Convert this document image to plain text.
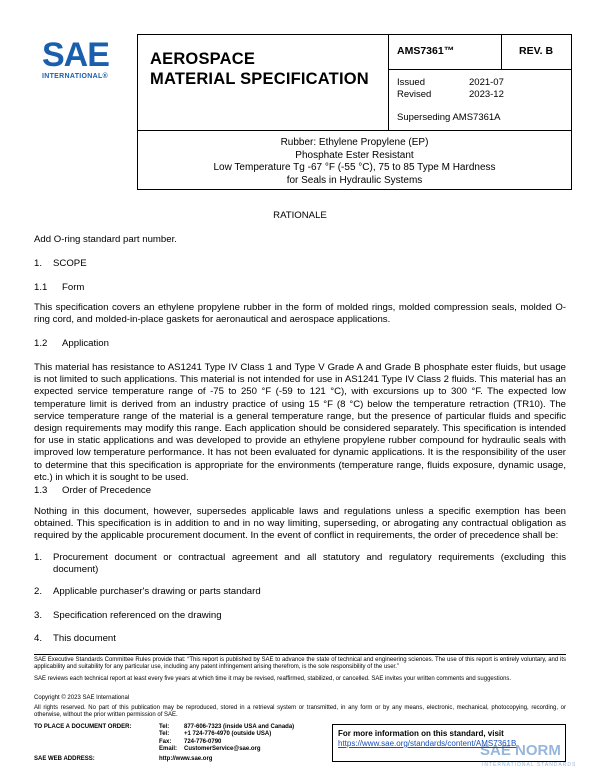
SAE
INTERNATIONAL®
AEROSPACE
MATERIAL SPECIFICATION
AMS7361™	REV. B
Issued	2021-07
Revised	2023-12
Superseding AMS7361A
Rubber: Ethylene Propylene (EP)
Phosphate Ester Resistant
Low Temperature Tg -67 °F (-55 °C), 75 to 85 Type M Hardness
for Seals in Hydraulic Systems
RATIONALE
Add O-ring standard part number.
1. SCOPE
1.1 Form
This specification covers an ethylene propylene rubber in the form of molded rings, molded compression seals, molded O-ring cord, and molded-in-place gaskets for aeronautical and aerospace applications.
1.2 Application
This material has resistance to AS1241 Type IV Class 1 and Type V Grade A and Grade B phosphate ester fluids, but usage is not limited to such applications. This material is not intended for use in AS1241 Type IV Class 2 fluids. This material has an expected service temperature range of -75 to 250 °F (-59 to 121 °C), with excursions up to 300 °F. The expected low temperature limit is derived from an industry practice of using 15 °F (8 °C) below the temperature retraction (TR10). The service temperature range of the material is a general temperature range, but the presence of particular fluids and specific design requirements may modify this range. Each application should be considered separately. This specification is intended for use in static applications and was developed to provide an ethylene propylene rubber compound for hydraulic seals with improved low temperature performance. It has not been evaluated for dynamic applications. It is the responsibility of the user to determine that this specification is appropriate for the environments (temperature range, fluids exposure, dynamic usage, etc.) in which it is sought to be used.
1.3 Order of Precedence
Nothing in this document, however, supersedes applicable laws and regulations unless a specific exemption has been obtained. This specification is in addition to and in no way limiting, superseding, or abrogating any contractual obligation as required by the applicable procurement document. In the event of conflict in requirements, the order of precedence shall be:
1.	Procurement document or contractual agreement and all statutory and regulatory requirements (excluding this document)
2.	Applicable purchaser's drawing or parts standard
3.	Specification referenced on the drawing
4.	This document
SAE Executive Standards Committee Rules provide that: “This report is published by SAE to advance the state of technical and engineering sciences. The use of this report is entirely voluntary, and its applicability and suitability for any particular use, including any patent infringement arising therefrom, is the sole responsibility of the user.”
SAE reviews each technical report at least every five years at which time it may be revised, reaffirmed, stabilized, or cancelled. SAE invites your written comments and suggestions.
Copyright © 2023 SAE International
All rights reserved. No part of this publication may be reproduced, stored in a retrieval system or transmitted, in any form or by any means, electronic, mechanical, photocopying, recording, or otherwise, without the prior written permission of SAE.
TO PLACE A DOCUMENT ORDER:	Tel: 877-606-7323 (inside USA and Canada)
Tel: +1 724-776-4970 (outside USA)
Fax: 724-776-0790
Email: CustomerService@sae.org
SAE WEB ADDRESS:	http://www.sae.org
For more information on this standard, visit
https://www.sae.org/standards/content/AMS7361B
SAE NORM
INTERNATIONAL STANDARDS
